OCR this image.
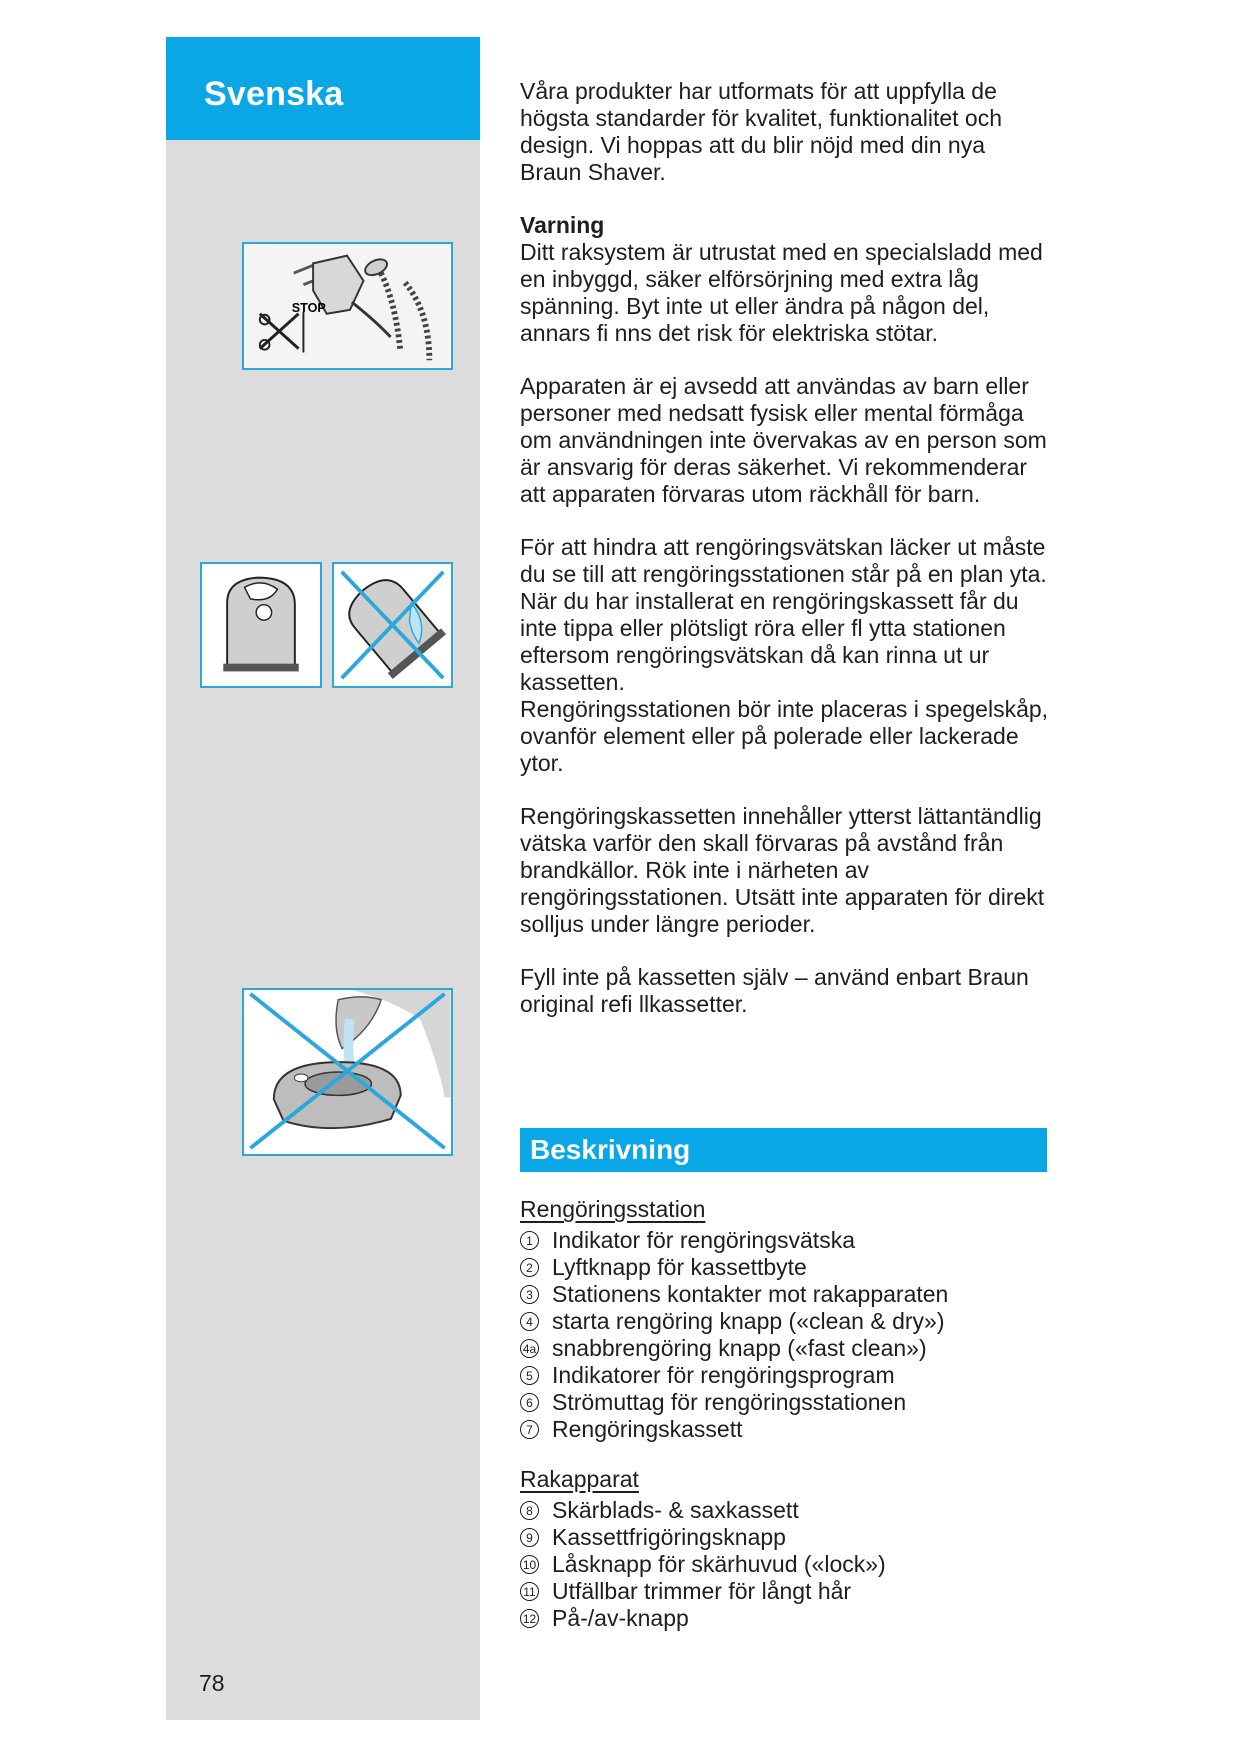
Svenska
STOP
78

Våra produkter har utformats för att uppfylla de högsta standarder för kvalitet, funktionalitet och design. Vi hoppas att du blir nöjd med din nya Braun Shaver.

Varning

Ditt raksystem är utrustat med en specialsladd med en inbyggd, säker elförsörjning med extra låg spänning. Byt inte ut eller ändra på någon del, annars fi nns det risk för elektriska stötar.

Apparaten är ej avsedd att användas av barn eller personer med nedsatt fysisk eller mental förmåga om användningen inte övervakas av en person som är ansvarig för deras säkerhet. Vi rekommenderar att apparaten förvaras utom räckhåll för barn.

För att hindra att rengöringsvätskan läcker ut måste du se till att rengöringsstationen står på en plan yta. När du har installerat en rengöringskassett får du inte tippa eller plötsligt röra eller fl ytta stationen eftersom rengöringsvätskan då kan rinna ut ur kassetten.

Rengöringsstationen bör inte placeras i spegelskåp, ovanför element eller på polerade eller lackerade ytor.

Rengöringskassetten innehåller ytterst lättantändlig vätska varför den skall förvaras på avstånd från brandkällor. Rök inte i närheten av rengöringsstationen. Utsätt inte apparaten för direkt solljus under längre perioder.

Fyll inte på kassetten själv – använd enbart Braun original refi llkassetter.

Beskrivning
Rengöringsstation
1 Indikator för rengöringsvätska
2 Lyftknapp för kassettbyte
3 Stationens kontakter mot rakapparaten
4 starta rengöring knapp («clean & dry»)
4a snabbrengöring knapp («fast clean»)
5 Indikatorer för rengöringsprogram
6 Strömuttag för rengöringsstationen
7 Rengöringskassett
Rakapparat
8 Skärblads- & saxkassett
9 Kassettfrigöringsknapp
10 Låsknapp för skärhuvud («lock»)
11 Utfällbar trimmer för långt hår
12 På-/av-knapp
